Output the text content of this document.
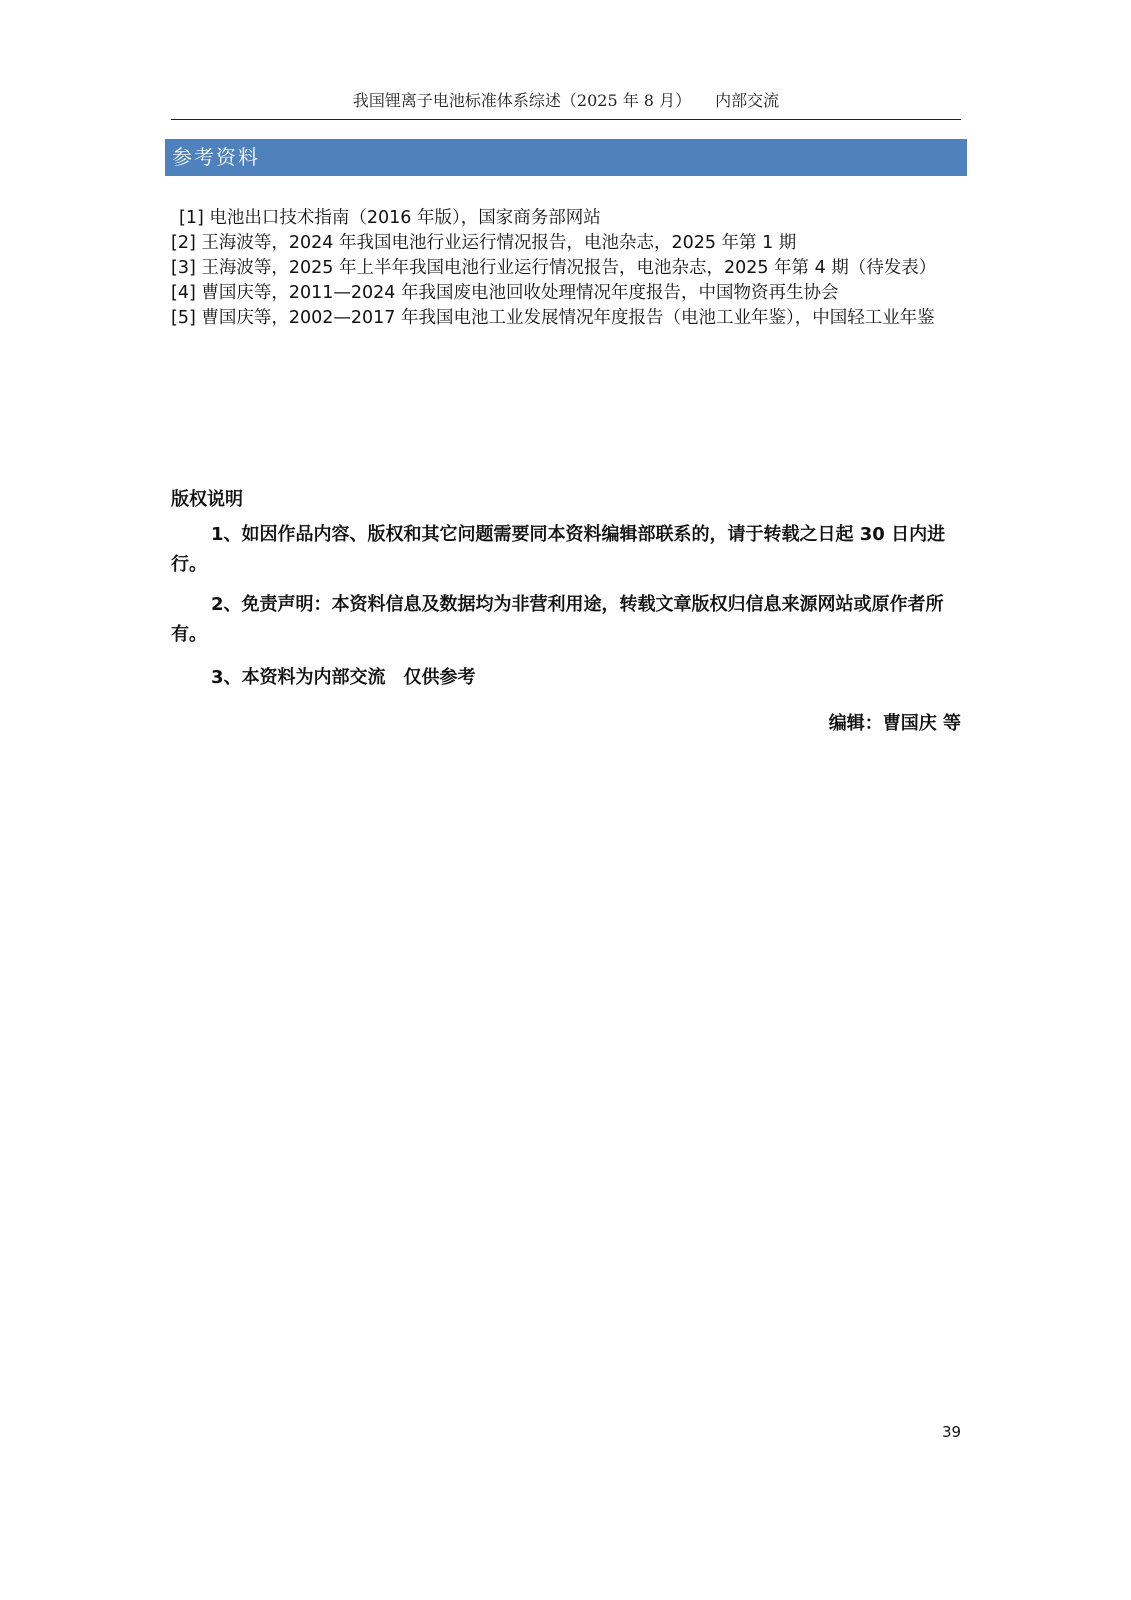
我国锂离子电池标准体系综述（2025 年 8 月） 内部交流
参考资料

[1] 电池出口技术指南（2016 年版），国家商务部网站

[2] 王海波等，2024 年我国电池行业运行情况报告，电池杂志，2025 年第 1 期

[3] 王海波等，2025 年上半年我国电池行业运行情况报告，电池杂志，2025 年第 4 期（待发表）

[4] 曹国庆等，2011—2024 年我国废电池回收处理情况年度报告，中国物资再生协会

[5] 曹国庆等，2002—2017 年我国电池工业发展情况年度报告（电池工业年鉴），中国轻工业年鉴

版权说明
1、如因作品内容、版权和其它问题需要同本资料编辑部联系的，请于转载之日起 30 日内进行。
2、免责声明：本资料信息及数据均为非营利用途，转载文章版权归信息来源网站或原作者所有。
3、本资料为内部交流　仅供参考
编辑：曹国庆 等
39
